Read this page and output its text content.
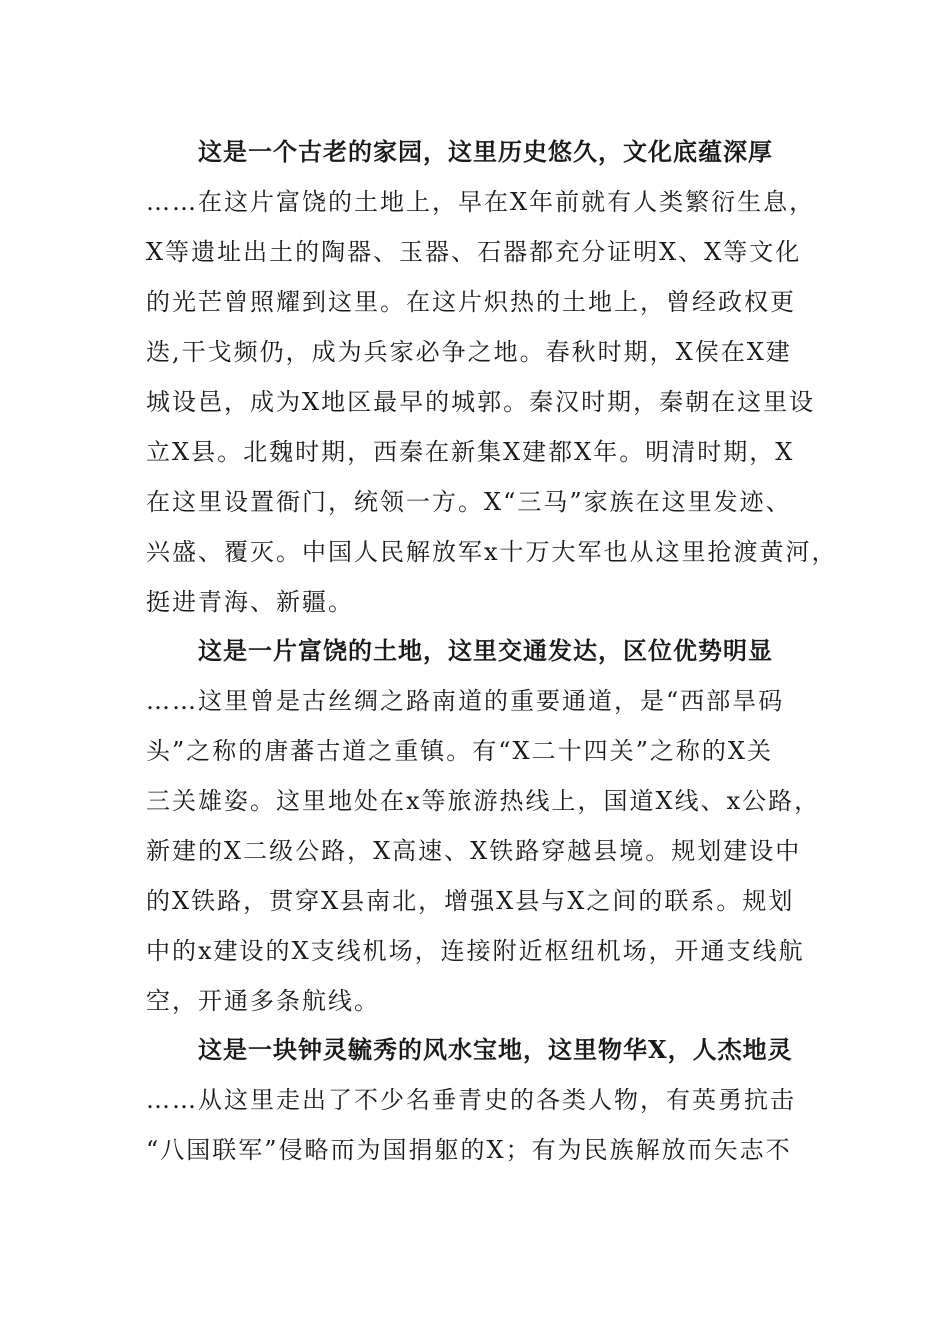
这是一个古老的家园，这里历史悠久，文化底蕴深厚
……在这片富饶的土地上，早在X年前就有人类繁衍生息，
X等遗址出土的陶器、玉器、石器都充分证明X、X等文化
的光芒曾照耀到这里。在这片炽热的土地上，曾经政权更
迭,干戈频仍，成为兵家必争之地。春秋时期，X侯在X建
城设邑，成为X地区最早的城郭。秦汉时期，秦朝在这里设
立X县。北魏时期，西秦在新集X建都X年。明清时期，X
在这里设置衙门，统领一方。X“三马”家族在这里发迹、
兴盛、覆灭。中国人民解放军x十万大军也从这里抢渡黄河，
挺进青海、新疆。
这是一片富饶的土地，这里交通发达，区位优势明显
……这里曾是古丝绸之路南道的重要通道，是“西部旱码
头”之称的唐蕃古道之重镇。有“X二十四关”之称的X关
三关雄姿。这里地处在x等旅游热线上，国道X线、x公路，
新建的X二级公路，X高速、X铁路穿越县境。规划建设中
的X铁路，贯穿X县南北，增强X县与X之间的联系。规划
中的x建设的X支线机场，连接附近枢纽机场，开通支线航
空，开通多条航线。
这是一块钟灵毓秀的风水宝地，这里物华X，人杰地灵
……从这里走出了不少名垂青史的各类人物，有英勇抗击
“八国联军”侵略而为国捐躯的X；有为民族解放而矢志不
